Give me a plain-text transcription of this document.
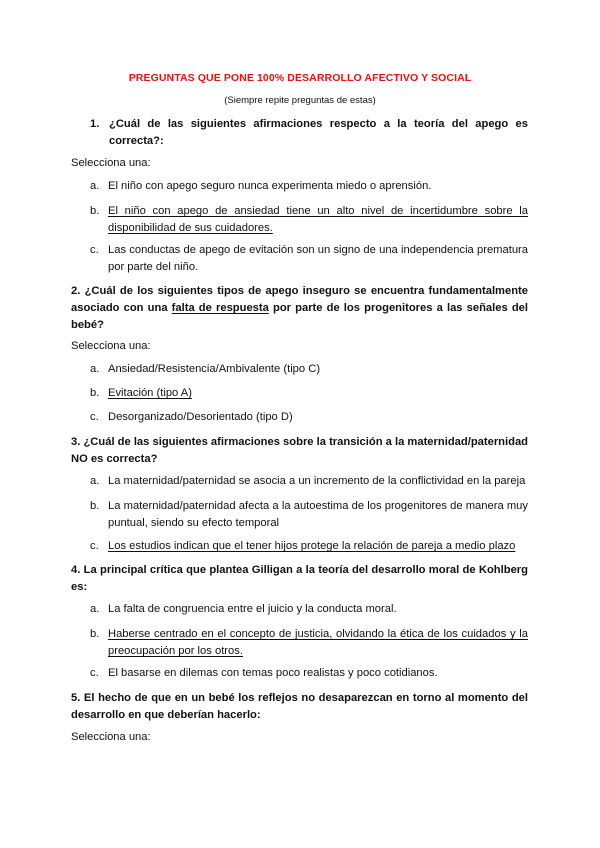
PREGUNTAS QUE PONE 100% DESARROLLO AFECTIVO Y SOCIAL
(Siempre repite preguntas de estas)
1. ¿Cuál de las siguientes afirmaciones respecto a la teoría del apego es correcta?:
Selecciona una:
a. El niño con apego seguro nunca experimenta miedo o aprensión.
b. El niño con apego de ansiedad tiene un alto nivel de incertidumbre sobre la disponibilidad de sus cuidadores.
c. Las conductas de apego de evitación son un signo de una independencia prematura por parte del niño.
2. ¿Cuál de los siguientes tipos de apego inseguro se encuentra fundamentalmente asociado con una falta de respuesta por parte de los progenitores a las señales del bebé?
Selecciona una:
a. Ansiedad/Resistencia/Ambivalente (tipo C)
b. Evitación (tipo A)
c. Desorganizado/Desorientado (tipo D)
3. ¿Cuál de las siguientes afirmaciones sobre la transición a la maternidad/paternidad NO es correcta?
a. La maternidad/paternidad se asocia a un incremento de la conflictividad en la pareja
b. La maternidad/paternidad afecta a la autoestima de los progenitores de manera muy puntual, siendo su efecto temporal
c. Los estudios indican que el tener hijos protege la relación de pareja a medio plazo
4. La principal crítica que plantea Gilligan a la teoría del desarrollo moral de Kohlberg es:
a. La falta de congruencia entre el juicio y la conducta moral.
b. Haberse centrado en el concepto de justicia, olvidando la ética de los cuidados y la preocupación por los otros.
c. El basarse en dilemas con temas poco realistas y poco cotidianos.
5. El hecho de que en un bebé los reflejos no desaparezcan en torno al momento del desarrollo en que deberían hacerlo:
Selecciona una:
